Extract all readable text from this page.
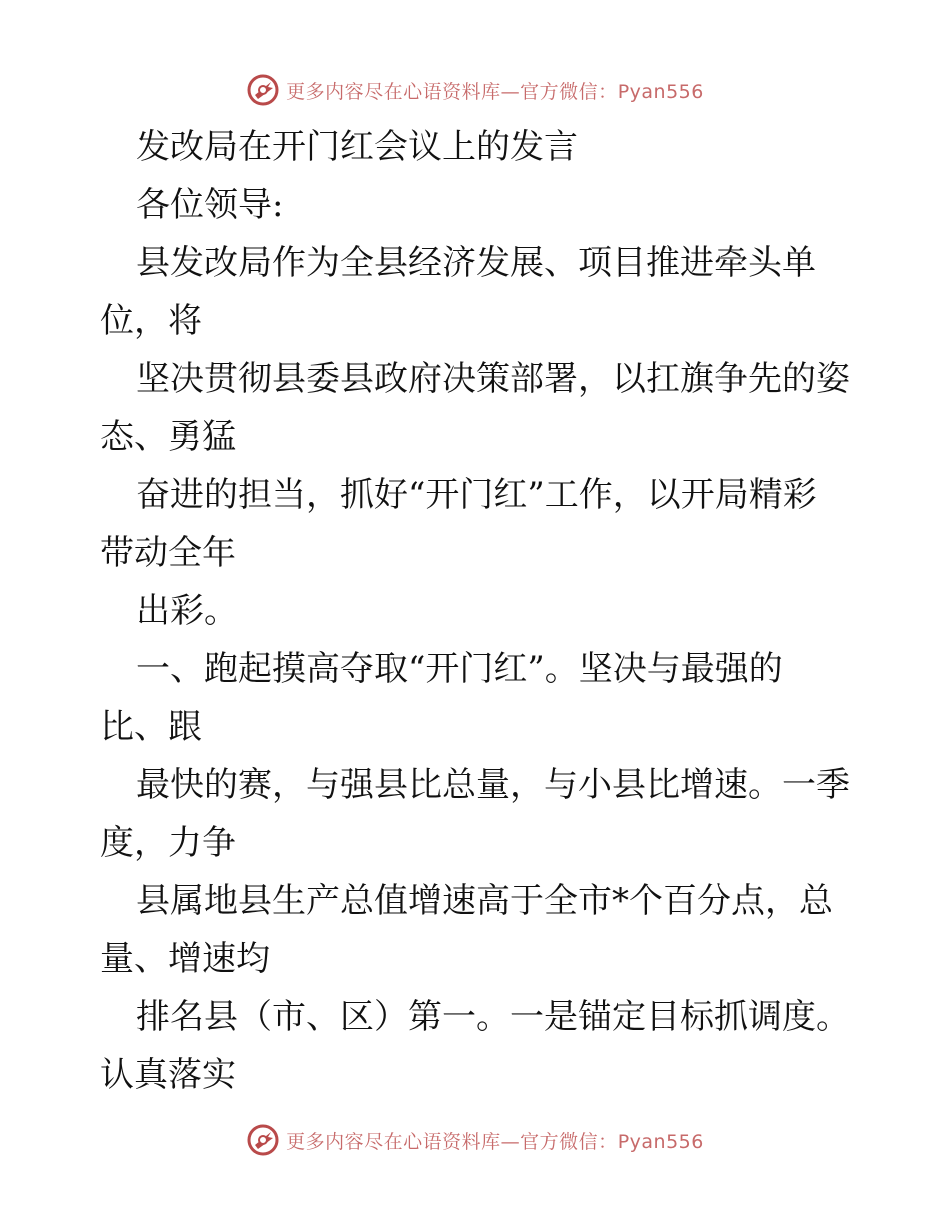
更多内容尽在心语资料库—官方微信：Pyan556

发改局在开门红会议上的发言

各位领导:

县发改局作为全县经济发展、项目推进牵头单

位，将

坚决贯彻县委县政府决策部署，以扛旗争先的姿

态、勇猛

奋进的担当，抓好“开门红”工作，以开局精彩

带动全年

出彩。

一、跑起摸高夺取“开门红”。坚决与最强的

比、跟

最快的赛，与强县比总量，与小县比增速。一季

度，力争

县属地县生产总值增速高于全市*个百分点，总

量、增速均

排名县（市、区）第一。一是锚定目标抓调度。

认真落实

更多内容尽在心语资料库—官方微信：Pyan556
